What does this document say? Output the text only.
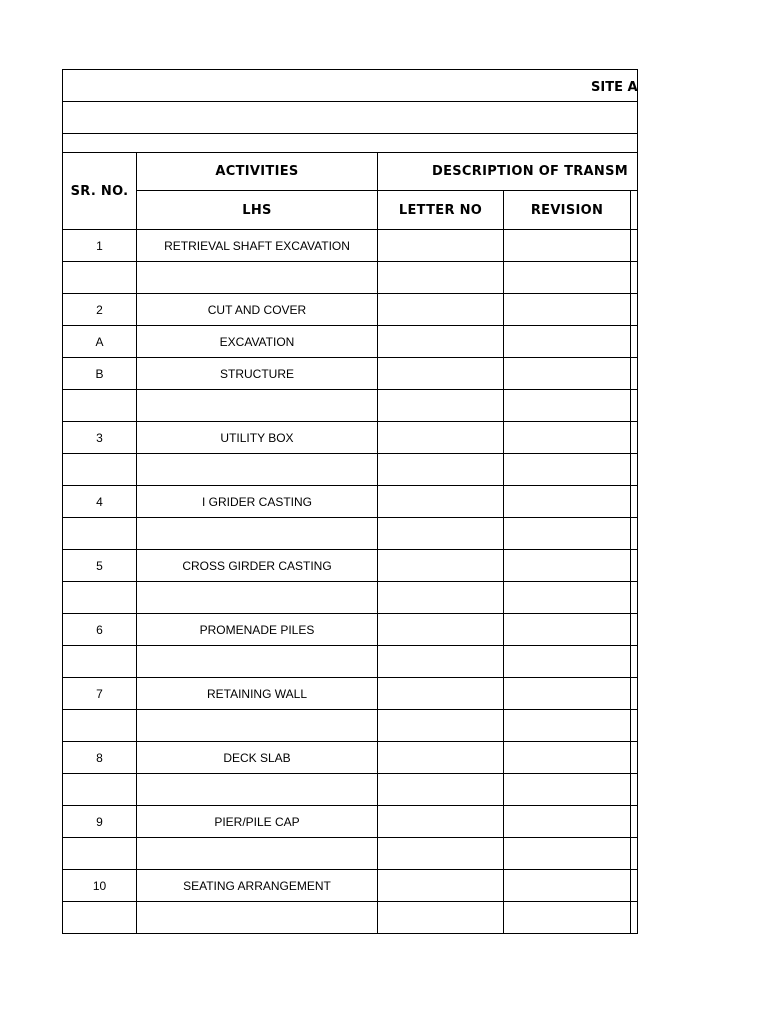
SITE A				

SR. NO.	ACTIVITIES	DESCRIPTION OF TRANSM		
	LHS	LETTER NO	REVISION	
1	RETRIEVAL SHAFT EXCAVATION			

2	CUT AND COVER			
A	EXCAVATION			
B	STRUCTURE			

3	UTILITY BOX			

4	I GRIDER CASTING			

5	CROSS GIRDER CASTING			

6	PROMENADE PILES			

7	RETAINING WALL			

8	DECK SLAB			

9	PIER/PILE CAP			

10	SEATING ARRANGEMENT			
